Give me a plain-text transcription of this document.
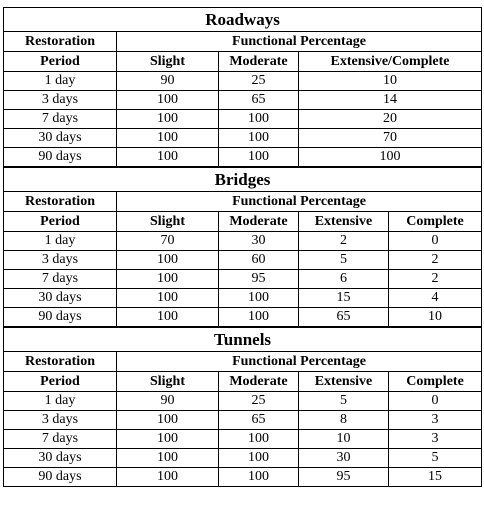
Roadways			
Restoration	Functional Percentage		
Period	Slight	Moderate	Extensive/Complete
1 day	90	25	10
3 days	100	65	14
7 days	100	100	20
30 days	100	100	70
90 days	100	100	100
Bridges				
Restoration	Functional Percentage			
Period	Slight	Moderate	Extensive	Complete
1 day	70	30	2	0
3 days	100	60	5	2
7 days	100	95	6	2
30 days	100	100	15	4
90 days	100	100	65	10
Tunnels				
Restoration	Functional Percentage			
Period	Slight	Moderate	Extensive	Complete
1 day	90	25	5	0
3 days	100	65	8	3
7 days	100	100	10	3
30 days	100	100	30	5
90 days	100	100	95	15
